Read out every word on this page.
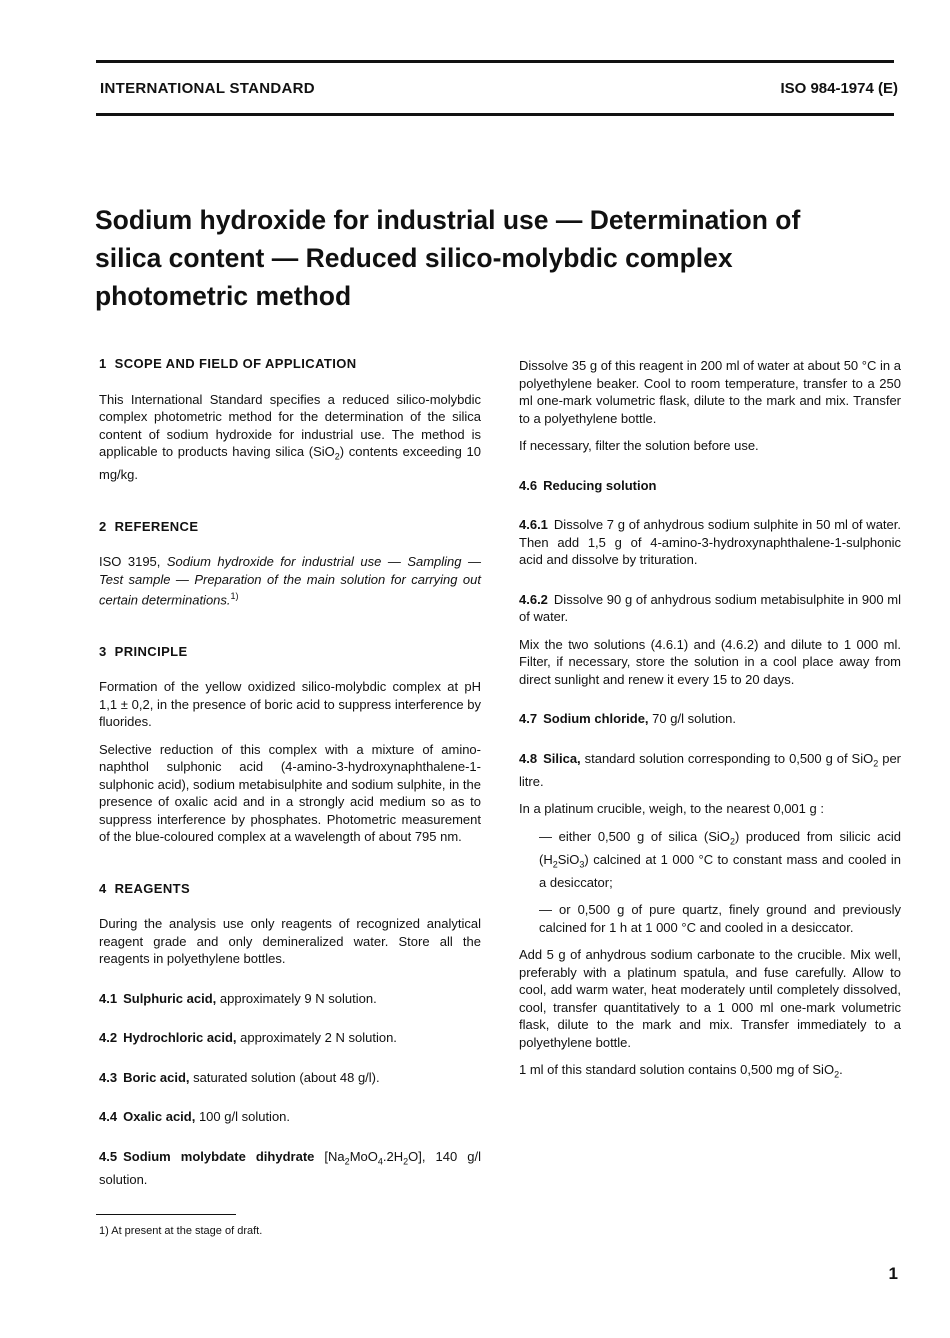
INTERNATIONAL STANDARD	ISO 984-1974 (E)
Sodium hydroxide for industrial use — Determination of silica content — Reduced silico-molybdic complex photometric method
1 SCOPE AND FIELD OF APPLICATION

This International Standard specifies a reduced silico-molybdic complex photometric method for the determination of the silica content of sodium hydroxide for industrial use. The method is applicable to products having silica (SiO$_2$) contents exceeding 10 mg/kg.

2 REFERENCE

ISO 3195, Sodium hydroxide for industrial use — Sampling — Test sample — Preparation of the main solution for carrying out certain determinations.$^{1)}$

3 PRINCIPLE

Formation of the yellow oxidized silico-molybdic complex at pH 1,1 ± 0,2, in the presence of boric acid to suppress interference by fluorides.

Selective reduction of this complex with a mixture of amino-naphthol sulphonic acid (4-amino-3-hydroxynaphthalene-1-sulphonic acid), sodium metabisulphite and sodium sulphite, in the presence of oxalic acid and in a strongly acid medium so as to suppress interference by phosphates. Photometric measurement of the blue-coloured complex at a wavelength of about 795 nm.

4 REAGENTS

During the analysis use only reagents of recognized analytical reagent grade and only demineralized water. Store all the reagents in polyethylene bottles.

4.1 Sulphuric acid, approximately 9 N solution.

4.2 Hydrochloric acid, approximately 2 N solution.

4.3 Boric acid, saturated solution (about 48 g/l).

4.4 Oxalic acid, 100 g/l solution.

4.5 Sodium molybdate dihydrate $[Na_2MoO_4.2H_2O]$, 140 g/l solution.

Dissolve 35 g of this reagent in 200 ml of water at about 50 °C in a polyethylene beaker. Cool to room temperature, transfer to a 250 ml one-mark volumetric flask, dilute to the mark and mix. Transfer to a polyethylene bottle.

If necessary, filter the solution before use.

4.6 Reducing solution

4.6.1 Dissolve 7 g of anhydrous sodium sulphite in 50 ml of water. Then add 1,5 g of 4-amino-3-hydroxynaphthalene-1-sulphonic acid and dissolve by trituration.

4.6.2 Dissolve 90 g of anhydrous sodium metabisulphite in 900 ml of water.

Mix the two solutions (4.6.1) and (4.6.2) and dilute to 1 000 ml. Filter, if necessary, store the solution in a cool place away from direct sunlight and renew it every 15 to 20 days.

4.7 Sodium chloride, 70 g/l solution.

4.8 Silica, standard solution corresponding to 0,500 g of SiO$_2$ per litre.

In a platinum crucible, weigh, to the nearest 0,001 g :

— either 0,500 g of silica (SiO$_2$) produced from silicic acid $(H_2SiO_3)$ calcined at 1 000 °C to constant mass and cooled in a desiccator;

— or 0,500 g of pure quartz, finely ground and previously calcined for 1 h at 1 000 °C and cooled in a desiccator.

Add 5 g of anhydrous sodium carbonate to the crucible. Mix well, preferably with a platinum spatula, and fuse carefully. Allow to cool, add warm water, heat moderately until completely dissolved, cool, transfer quantitatively to a 1 000 ml one-mark volumetric flask, dilute to the mark and mix. Transfer immediately to a polyethylene bottle.

1 ml of this standard solution contains 0,500 mg of SiO$_2$.

1) At present at the stage of draft.
1
